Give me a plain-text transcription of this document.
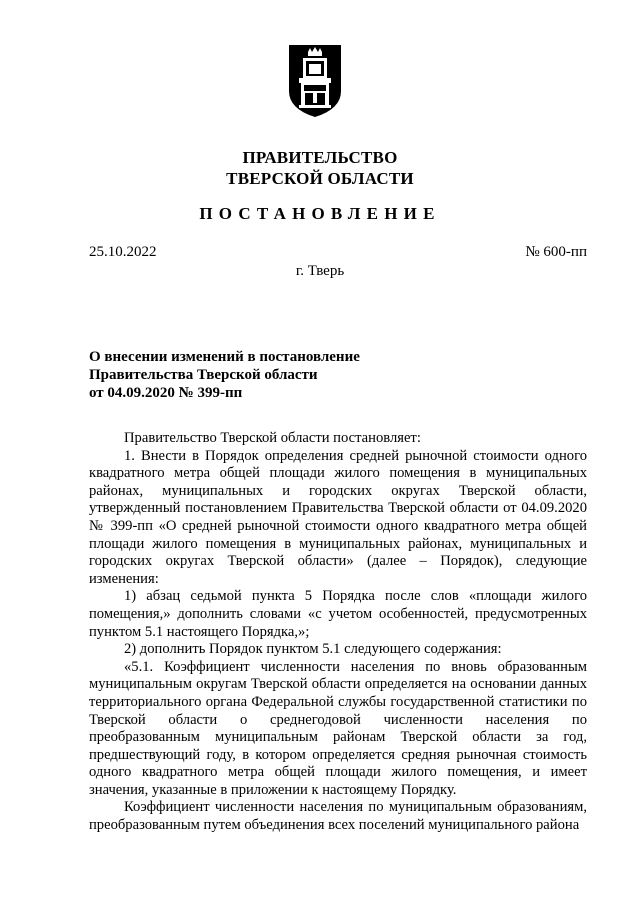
ПРАВИТЕЛЬСТВО
ТВЕРСКОЙ ОБЛАСТИ
ПОСТАНОВЛЕНИЕ
25.10.2022	№ 600-пп
г. Тверь
О внесении изменений в постановление
Правительства Тверской области
от 04.09.2020 № 399-пп

Правительство Тверской области постановляет:

1. Внести в Порядок определения средней рыночной стоимости одного квадратного метра общей площади жилого помещения в муниципальных районах, муниципальных и городских округах Тверской области, утвержденный постановлением Правительства Тверской области от 04.09.2020 № 399-пп «О средней рыночной стоимости одного квадратного метра общей площади жилого помещения в муниципальных районах, муниципальных и городских округах Тверской области» (далее – Порядок), следующие изменения:

1) абзац седьмой пункта 5 Порядка после слов «площади жилого помещения,» дополнить словами «с учетом особенностей, предусмотренных пунктом 5.1 настоящего Порядка,»;

2) дополнить Порядок пунктом 5.1 следующего содержания:

«5.1. Коэффициент численности населения по вновь образованным муниципальным округам Тверской области определяется на основании данных территориального органа Федеральной службы государственной статистики по Тверской области о среднегодовой численности населения по преобразованным муниципальным районам Тверской области за год, предшествующий году, в котором определяется средняя рыночная стоимость одного квадратного метра общей площади жилого помещения, и имеет значения, указанные в приложении к настоящему Порядку.

Коэффициент численности населения по муниципальным образованиям, преобразованным путем объединения всех поселений муниципального района
